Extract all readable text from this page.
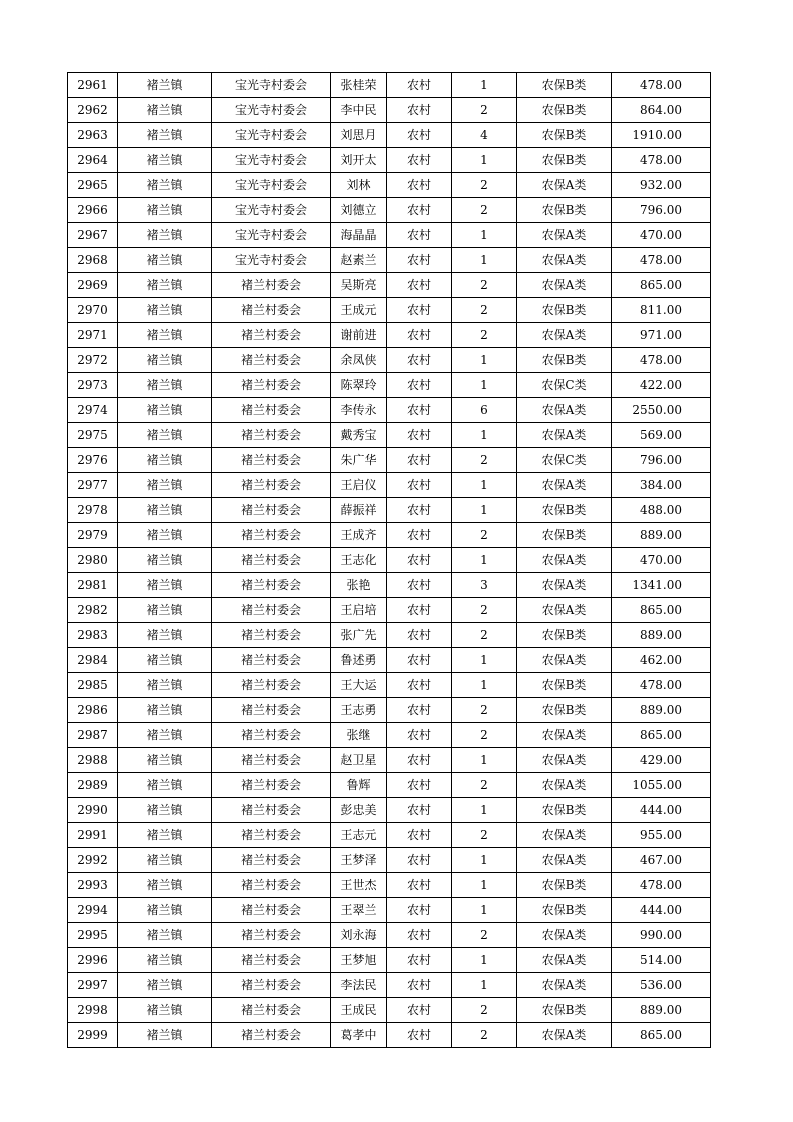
2961	褚兰镇	宝光寺村委会	张桂荣	农村	1	农保B类	478.00
2962	褚兰镇	宝光寺村委会	李中民	农村	2	农保B类	864.00
2963	褚兰镇	宝光寺村委会	刘思月	农村	4	农保B类	1910.00
2964	褚兰镇	宝光寺村委会	刘开太	农村	1	农保B类	478.00
2965	褚兰镇	宝光寺村委会	刘林	农村	2	农保A类	932.00
2966	褚兰镇	宝光寺村委会	刘德立	农村	2	农保B类	796.00
2967	褚兰镇	宝光寺村委会	海晶晶	农村	1	农保A类	470.00
2968	褚兰镇	宝光寺村委会	赵素兰	农村	1	农保A类	478.00
2969	褚兰镇	褚兰村委会	吴斯亮	农村	2	农保A类	865.00
2970	褚兰镇	褚兰村委会	王成元	农村	2	农保B类	811.00
2971	褚兰镇	褚兰村委会	谢前进	农村	2	农保A类	971.00
2972	褚兰镇	褚兰村委会	余凤侠	农村	1	农保B类	478.00
2973	褚兰镇	褚兰村委会	陈翠玲	农村	1	农保C类	422.00
2974	褚兰镇	褚兰村委会	李传永	农村	6	农保A类	2550.00
2975	褚兰镇	褚兰村委会	戴秀宝	农村	1	农保A类	569.00
2976	褚兰镇	褚兰村委会	朱广华	农村	2	农保C类	796.00
2977	褚兰镇	褚兰村委会	王启仪	农村	1	农保A类	384.00
2978	褚兰镇	褚兰村委会	薛振祥	农村	1	农保B类	488.00
2979	褚兰镇	褚兰村委会	王成齐	农村	2	农保B类	889.00
2980	褚兰镇	褚兰村委会	王志化	农村	1	农保A类	470.00
2981	褚兰镇	褚兰村委会	张艳	农村	3	农保A类	1341.00
2982	褚兰镇	褚兰村委会	王启培	农村	2	农保A类	865.00
2983	褚兰镇	褚兰村委会	张广先	农村	2	农保B类	889.00
2984	褚兰镇	褚兰村委会	鲁述勇	农村	1	农保A类	462.00
2985	褚兰镇	褚兰村委会	王大运	农村	1	农保B类	478.00
2986	褚兰镇	褚兰村委会	王志勇	农村	2	农保B类	889.00
2987	褚兰镇	褚兰村委会	张继	农村	2	农保A类	865.00
2988	褚兰镇	褚兰村委会	赵卫星	农村	1	农保A类	429.00
2989	褚兰镇	褚兰村委会	鲁辉	农村	2	农保A类	1055.00
2990	褚兰镇	褚兰村委会	彭忠美	农村	1	农保B类	444.00
2991	褚兰镇	褚兰村委会	王志元	农村	2	农保A类	955.00
2992	褚兰镇	褚兰村委会	王梦泽	农村	1	农保A类	467.00
2993	褚兰镇	褚兰村委会	王世杰	农村	1	农保B类	478.00
2994	褚兰镇	褚兰村委会	王翠兰	农村	1	农保B类	444.00
2995	褚兰镇	褚兰村委会	刘永海	农村	2	农保A类	990.00
2996	褚兰镇	褚兰村委会	王梦旭	农村	1	农保A类	514.00
2997	褚兰镇	褚兰村委会	李法民	农村	1	农保A类	536.00
2998	褚兰镇	褚兰村委会	王成民	农村	2	农保B类	889.00
2999	褚兰镇	褚兰村委会	葛孝中	农村	2	农保A类	865.00
